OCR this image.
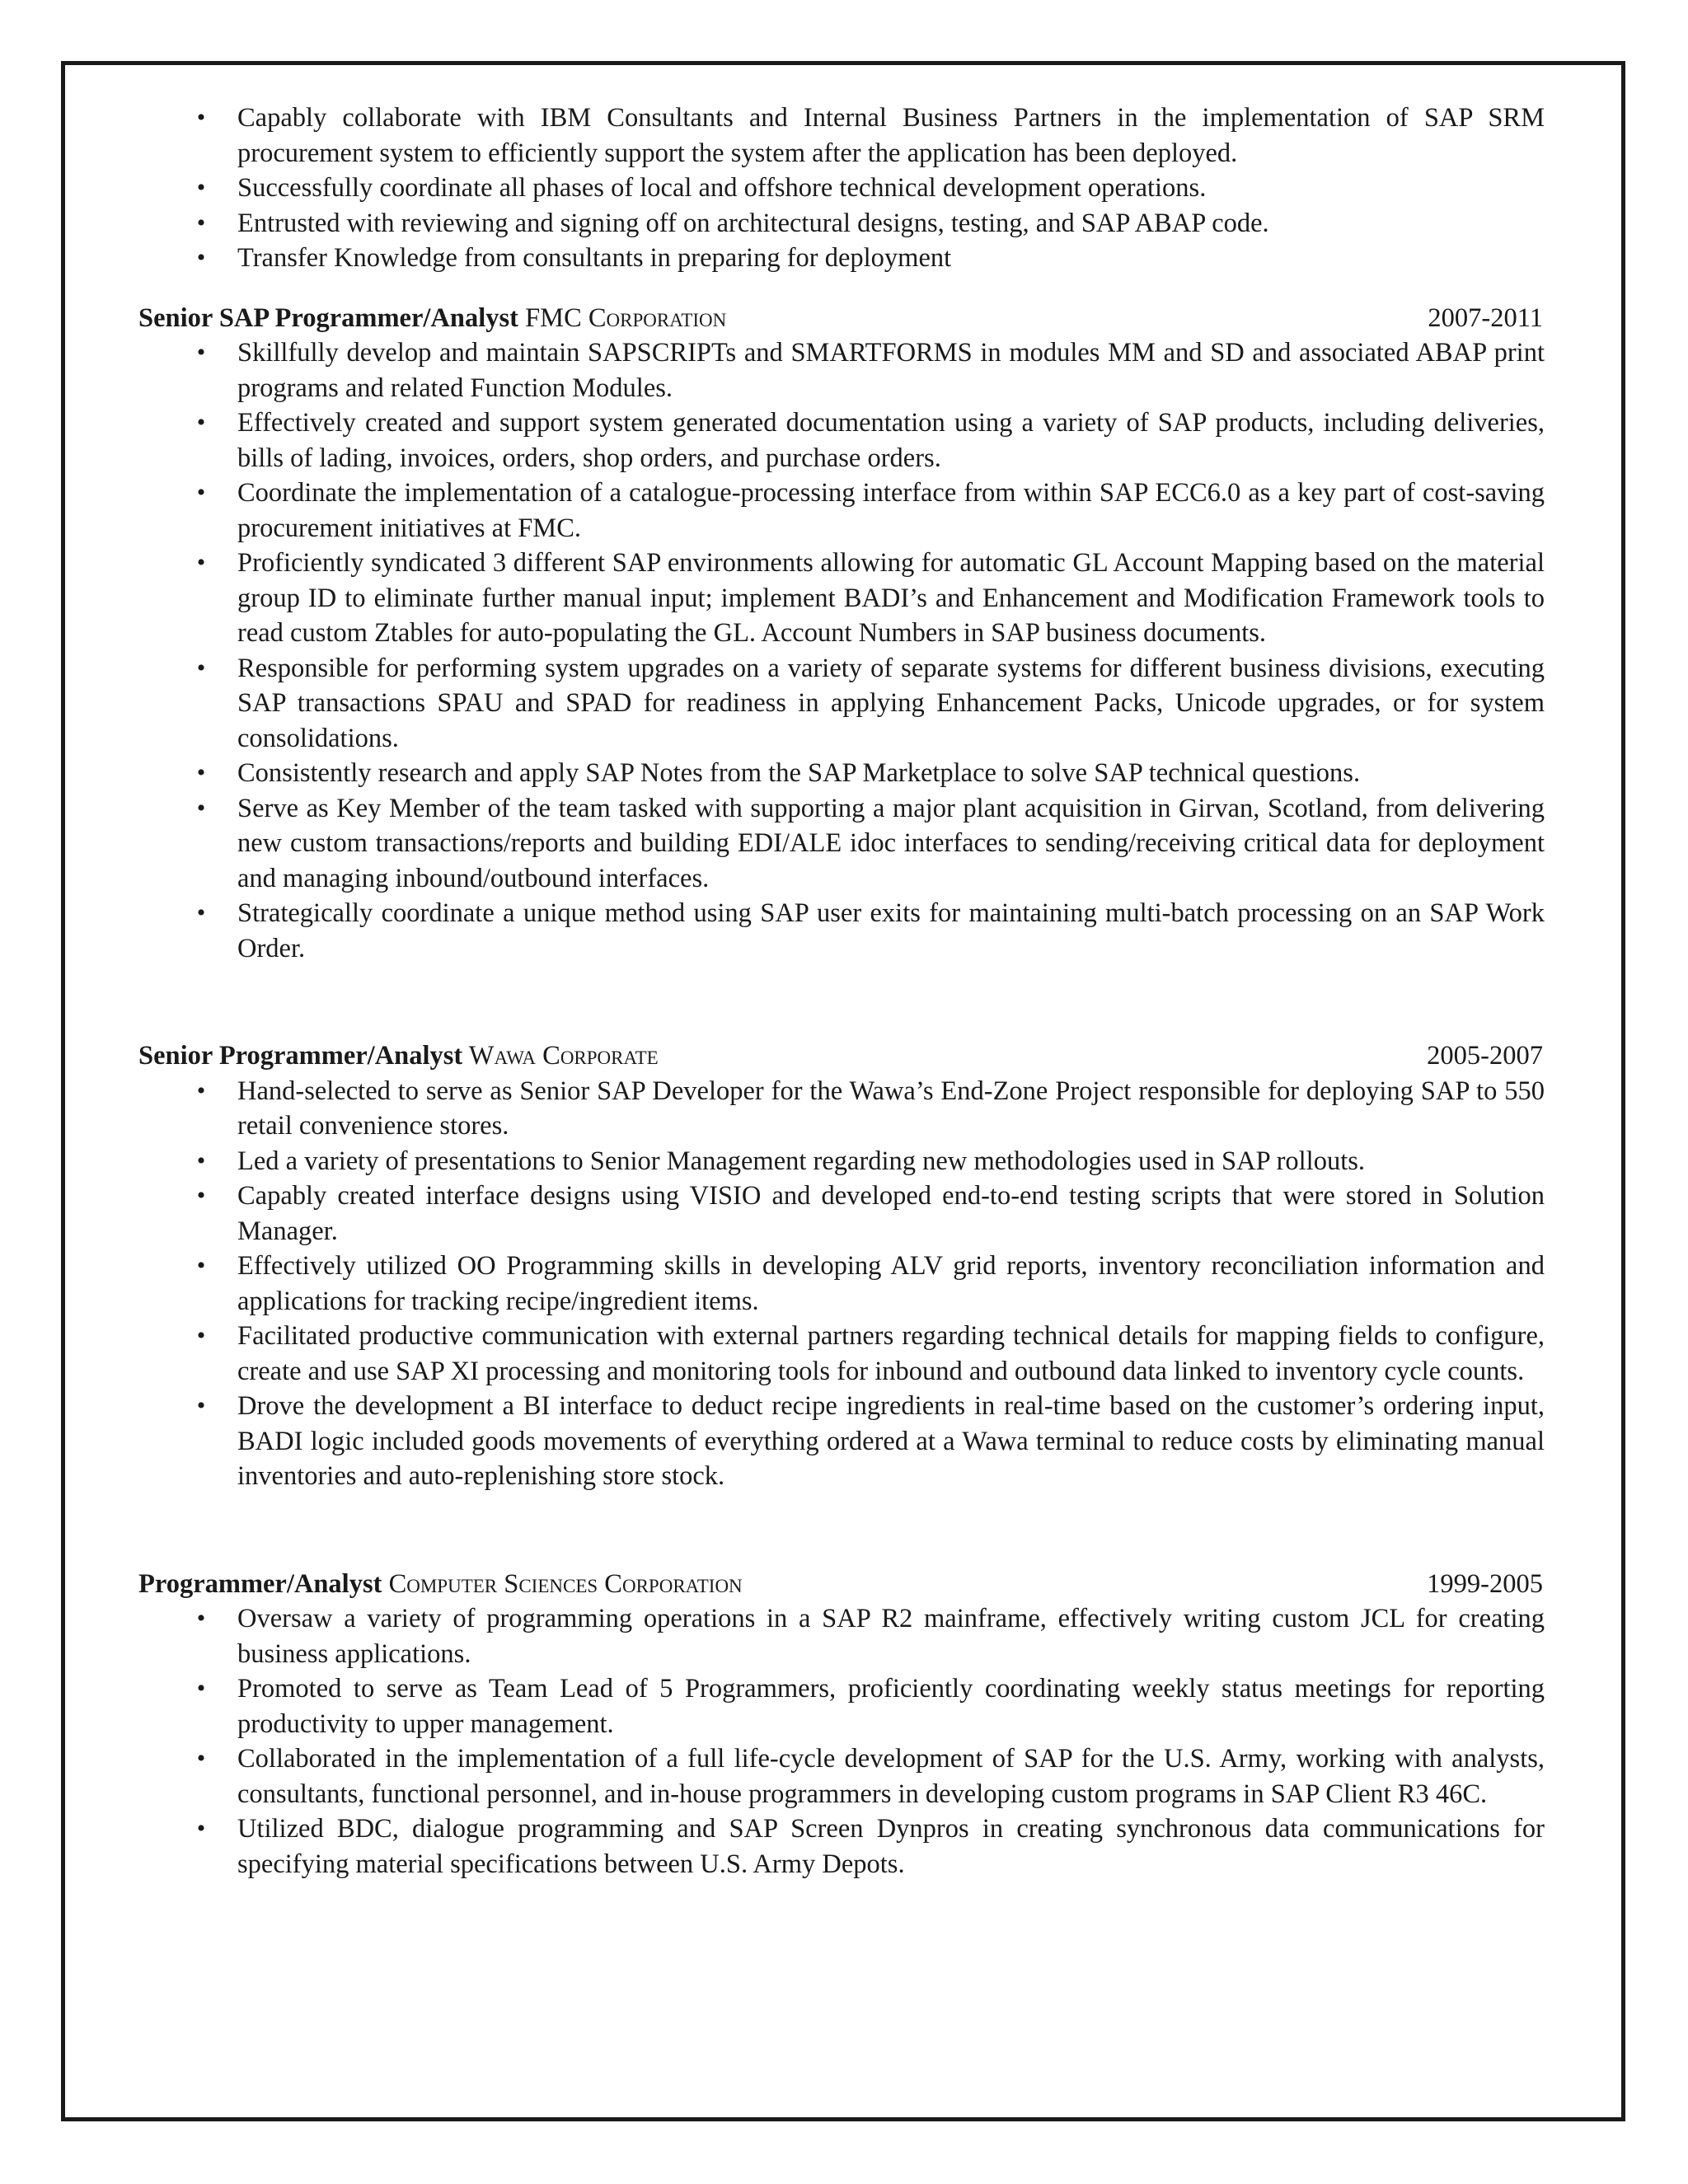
• Capably collaborate with IBM Consultants and Internal Business Partners in the implementation of SAP SRM procurement system to efficiently support the system after the application has been deployed.
• Successfully coordinate all phases of local and offshore technical development operations.
• Entrusted with reviewing and signing off on architectural designs, testing, and SAP ABAP code.
• Transfer Knowledge from consultants in preparing for deployment
Senior SAP Programmer/Analyst FMC Corporation	2007-2011
• Skillfully develop and maintain SAPSCRIPTs and SMARTFORMS in modules MM and SD and associated ABAP print programs and related Function Modules.
• Effectively created and support system generated documentation using a variety of SAP products, including deliveries, bills of lading, invoices, orders, shop orders, and purchase orders.
• Coordinate the implementation of a catalogue-processing interface from within SAP ECC6.0 as a key part of cost-saving procurement initiatives at FMC.
• Proficiently syndicated 3 different SAP environments allowing for automatic GL Account Mapping based on the material group ID to eliminate further manual input; implement BADI’s and Enhancement and Modification Framework tools to read custom Ztables for auto-populating the GL. Account Numbers in SAP business documents.
• Responsible for performing system upgrades on a variety of separate systems for different business divisions, executing SAP transactions SPAU and SPAD for readiness in applying Enhancement Packs, Unicode upgrades, or for system consolidations.
• Consistently research and apply SAP Notes from the SAP Marketplace to solve SAP technical questions.
• Serve as Key Member of the team tasked with supporting a major plant acquisition in Girvan, Scotland, from delivering new custom transactions/reports and building EDI/ALE idoc interfaces to sending/receiving critical data for deployment and managing inbound/outbound interfaces.
• Strategically coordinate a unique method using SAP user exits for maintaining multi-batch processing on an SAP Work Order.
Senior Programmer/Analyst Wawa Corporate	2005-2007
• Hand-selected to serve as Senior SAP Developer for the Wawa’s End-Zone Project responsible for deploying SAP to 550 retail convenience stores.
• Led a variety of presentations to Senior Management regarding new methodologies used in SAP rollouts.
• Capably created interface designs using VISIO and developed end-to-end testing scripts that were stored in Solution Manager.
• Effectively utilized OO Programming skills in developing ALV grid reports, inventory reconciliation information and applications for tracking recipe/ingredient items.
• Facilitated productive communication with external partners regarding technical details for mapping fields to configure, create and use SAP XI processing and monitoring tools for inbound and outbound data linked to inventory cycle counts.
• Drove the development a BI interface to deduct recipe ingredients in real-time based on the customer’s ordering input, BADI logic included goods movements of everything ordered at a Wawa terminal to reduce costs by eliminating manual inventories and auto-replenishing store stock.
Programmer/Analyst Computer Sciences Corporation	1999-2005
• Oversaw a variety of programming operations in a SAP R2 mainframe, effectively writing custom JCL for creating business applications.
• Promoted to serve as Team Lead of 5 Programmers, proficiently coordinating weekly status meetings for reporting productivity to upper management.
• Collaborated in the implementation of a full life-cycle development of SAP for the U.S. Army, working with analysts, consultants, functional personnel, and in-house programmers in developing custom programs in SAP Client R3 46C.
• Utilized BDC, dialogue programming and SAP Screen Dynpros in creating synchronous data communications for specifying material specifications between U.S. Army Depots.
